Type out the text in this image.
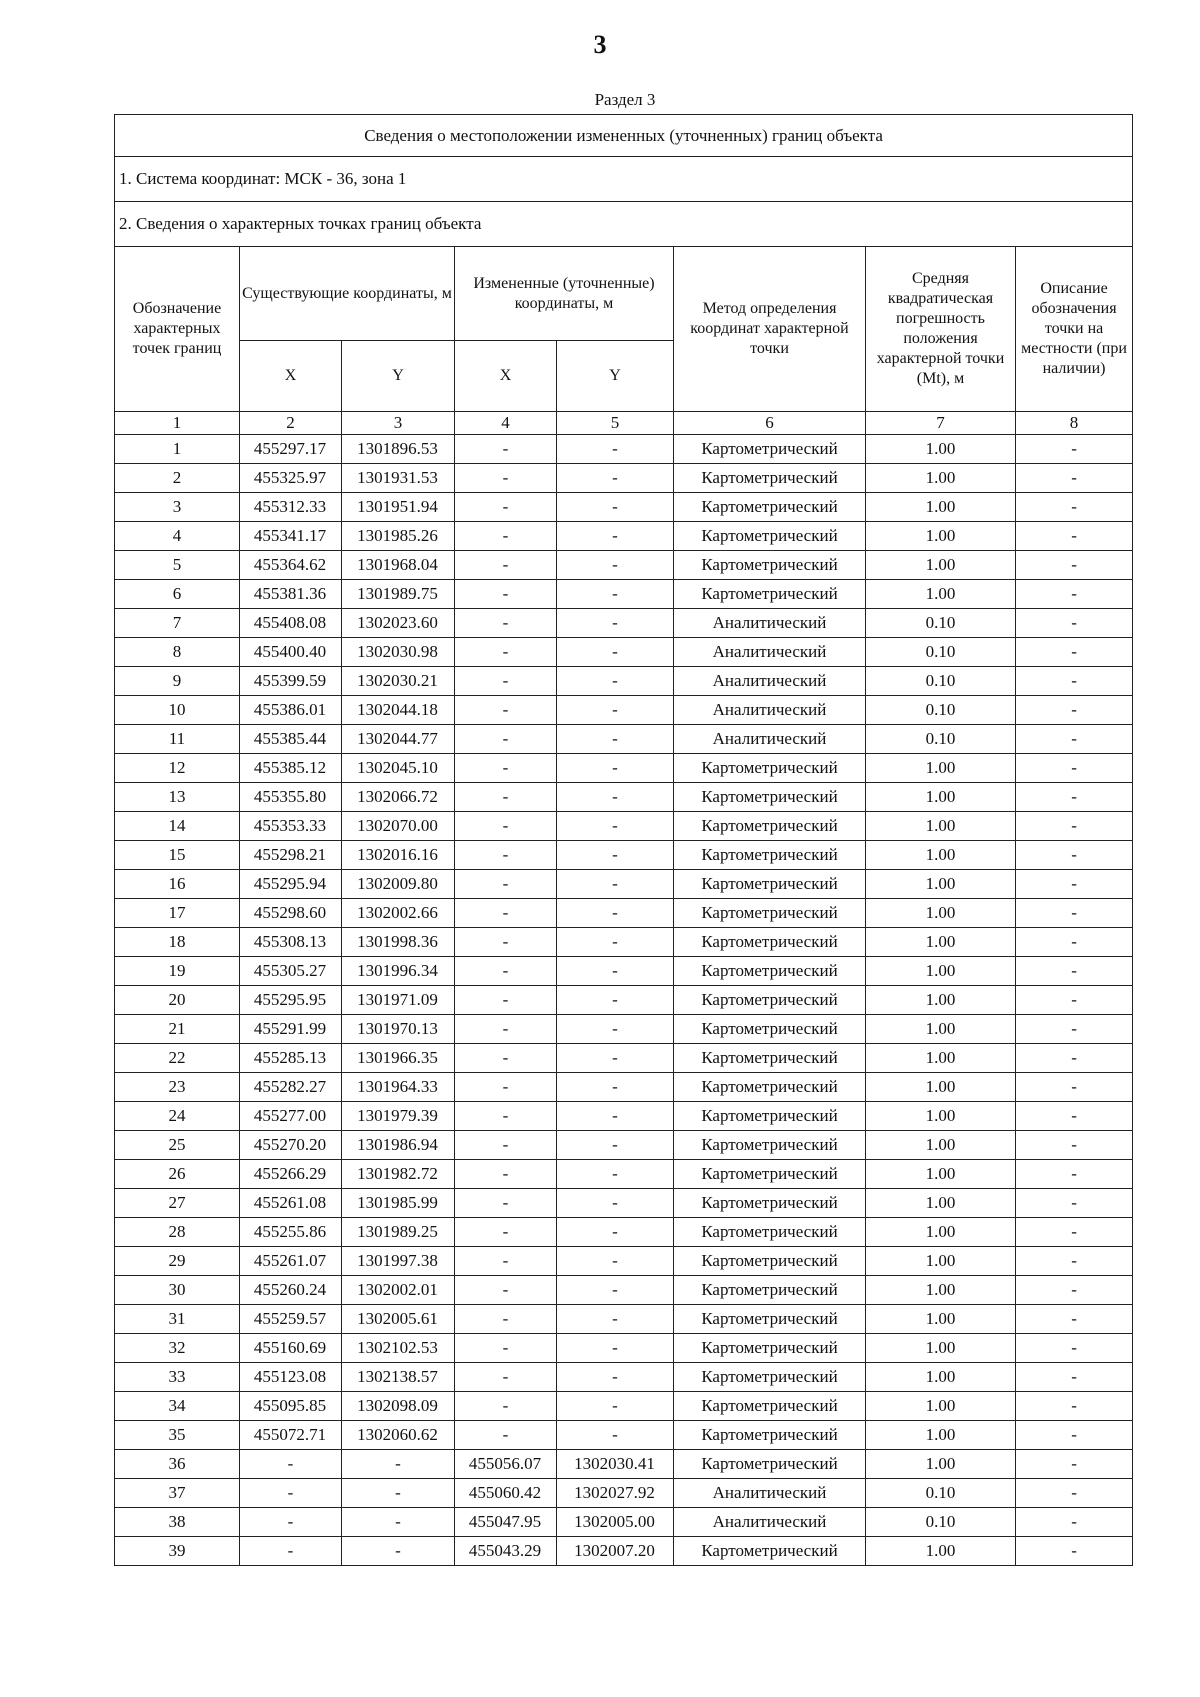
3
Раздел 3
Сведения о местоположении измененных (уточненных) границ объекта							
1. Система координат: МСК - 36, зона 1							
2. Сведения о характерных точках границ объекта							
Обозначение характерных точек границ	Существующие координаты, м		Измененные (уточненные) координаты, м		Метод определения координат характерной точки	Средняя квадратическая погрешность положения характерной точки (Mt), м	Описание обозначения точки на местности (при наличии)
	X	Y	X	Y			
1	2	3	4	5	6	7	8
1	455297.17	1301896.53	-	-	Картометрический	1.00	-
2	455325.97	1301931.53	-	-	Картометрический	1.00	-
3	455312.33	1301951.94	-	-	Картометрический	1.00	-
4	455341.17	1301985.26	-	-	Картометрический	1.00	-
5	455364.62	1301968.04	-	-	Картометрический	1.00	-
6	455381.36	1301989.75	-	-	Картометрический	1.00	-
7	455408.08	1302023.60	-	-	Аналитический	0.10	-
8	455400.40	1302030.98	-	-	Аналитический	0.10	-
9	455399.59	1302030.21	-	-	Аналитический	0.10	-
10	455386.01	1302044.18	-	-	Аналитический	0.10	-
11	455385.44	1302044.77	-	-	Аналитический	0.10	-
12	455385.12	1302045.10	-	-	Картометрический	1.00	-
13	455355.80	1302066.72	-	-	Картометрический	1.00	-
14	455353.33	1302070.00	-	-	Картометрический	1.00	-
15	455298.21	1302016.16	-	-	Картометрический	1.00	-
16	455295.94	1302009.80	-	-	Картометрический	1.00	-
17	455298.60	1302002.66	-	-	Картометрический	1.00	-
18	455308.13	1301998.36	-	-	Картометрический	1.00	-
19	455305.27	1301996.34	-	-	Картометрический	1.00	-
20	455295.95	1301971.09	-	-	Картометрический	1.00	-
21	455291.99	1301970.13	-	-	Картометрический	1.00	-
22	455285.13	1301966.35	-	-	Картометрический	1.00	-
23	455282.27	1301964.33	-	-	Картометрический	1.00	-
24	455277.00	1301979.39	-	-	Картометрический	1.00	-
25	455270.20	1301986.94	-	-	Картометрический	1.00	-
26	455266.29	1301982.72	-	-	Картометрический	1.00	-
27	455261.08	1301985.99	-	-	Картометрический	1.00	-
28	455255.86	1301989.25	-	-	Картометрический	1.00	-
29	455261.07	1301997.38	-	-	Картометрический	1.00	-
30	455260.24	1302002.01	-	-	Картометрический	1.00	-
31	455259.57	1302005.61	-	-	Картометрический	1.00	-
32	455160.69	1302102.53	-	-	Картометрический	1.00	-
33	455123.08	1302138.57	-	-	Картометрический	1.00	-
34	455095.85	1302098.09	-	-	Картометрический	1.00	-
35	455072.71	1302060.62	-	-	Картометрический	1.00	-
36	-	-	455056.07	1302030.41	Картометрический	1.00	-
37	-	-	455060.42	1302027.92	Аналитический	0.10	-
38	-	-	455047.95	1302005.00	Аналитический	0.10	-
39	-	-	455043.29	1302007.20	Картометрический	1.00	-
